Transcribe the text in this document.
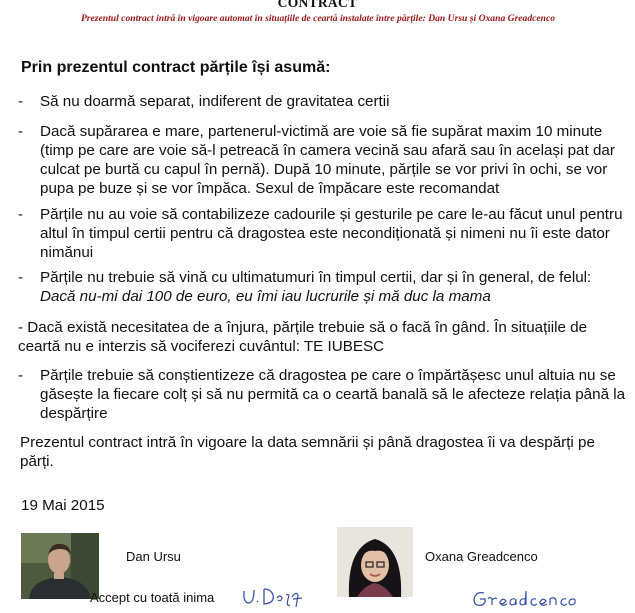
CONTRACT
Prezentul contract intră în vigoare automat în situațiile de ceartă instalate între părțile: Dan Ursu și Oxana Greadcenco
Prin prezentul contract părțile își asumă:
-	Să nu doarmă separat, indiferent de gravitatea certii
-	Dacă supărarea e mare, partenerul-victimă are voie să fie supărat maxim 10 minute (timp pe care are voie să-l petreacă în camera vecină sau afară sau în același pat dar culcat pe burtă cu capul în pernă). După 10 minute, părțile se vor privi în ochi, se vor pupa pe buze și se vor împăca. Sexul de împăcare este recomandat
-	Părțile nu au voie să contabilizeze cadourile și gesturile pe care le-au făcut unul pentru altul în timpul certii pentru că dragostea este necondiționată și nimeni nu îi este dator nimănui
-	Părțile nu trebuie să vină cu ultimatumuri în timpul certii, dar și în general, de felul: Dacă nu-mi dai 100 de euro, eu îmi iau lucrurile și mă duc la mama
- Dacă există necesitatea de a înjura, părțile trebuie să o facă în gând. În situațiile de ceartă nu e interzis să vociferezi cuvântul: TE IUBESC
-	Părțile trebuie să conștientizeze că dragostea pe care o împărtășesc unul altuia nu se găsește la fiecare colț și să nu permită ca o ceartă banală să le afecteze relația până la despărțire
Prezentul contract intră în vigoare la data semnării și până dragostea îi va despărți pe părți.
19 Mai 2015
Dan Ursu	Oxana Greadcenco
Accept cu toată inima
